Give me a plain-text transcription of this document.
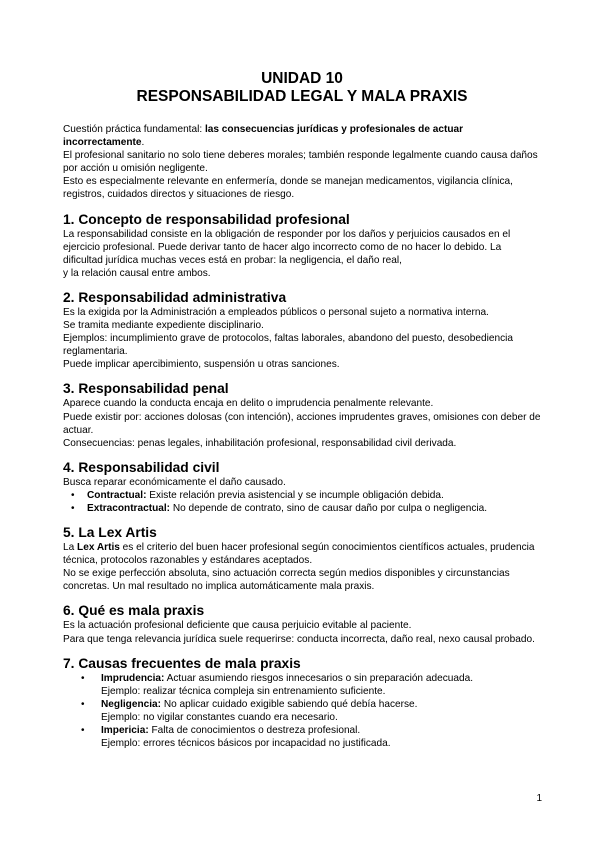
UNIDAD 10
RESPONSABILIDAD LEGAL Y MALA PRAXIS

Cuestión práctica fundamental: las consecuencias jurídicas y profesionales de actuar incorrectamente.

El profesional sanitario no solo tiene deberes morales; también responde legalmente cuando causa daños por acción u omisión negligente.

Esto es especialmente relevante en enfermería, donde se manejan medicamentos, vigilancia clínica, registros, cuidados directos y situaciones de riesgo.

1. Concepto de responsabilidad profesional

La responsabilidad consiste en la obligación de responder por los daños y perjuicios causados en el ejercicio profesional. Puede derivar tanto de hacer algo incorrecto como de no hacer lo debido. La dificultad jurídica muchas veces está en probar: la negligencia, el daño real,

y la relación causal entre ambos.

2. Responsabilidad administrativa

Es la exigida por la Administración a empleados públicos o personal sujeto a normativa interna.

Se tramita mediante expediente disciplinario.

Ejemplos: incumplimiento grave de protocolos, faltas laborales, abandono del puesto, desobediencia reglamentaria.

Puede implicar apercibimiento, suspensión u otras sanciones.

3. Responsabilidad penal

Aparece cuando la conducta encaja en delito o imprudencia penalmente relevante.

Puede existir por: acciones dolosas (con intención), acciones imprudentes graves, omisiones con deber de actuar.

Consecuencias: penas legales, inhabilitación profesional, responsabilidad civil derivada.

4. Responsabilidad civil

Busca reparar económicamente el daño causado.

• Contractual: Existe relación previa asistencial y se incumple obligación debida.
• Extracontractual: No depende de contrato, sino de causar daño por culpa o negligencia.
5. La Lex Artis

La Lex Artis es el criterio del buen hacer profesional según conocimientos científicos actuales, prudencia técnica, protocolos razonables y estándares aceptados.

No se exige perfección absoluta, sino actuación correcta según medios disponibles y circunstancias concretas. Un mal resultado no implica automáticamente mala praxis.

6. Qué es mala praxis

Es la actuación profesional deficiente que causa perjuicio evitable al paciente.

Para que tenga relevancia jurídica suele requerirse: conducta incorrecta, daño real, nexo causal probado.

7. Causas frecuentes de mala praxis
• Imprudencia: Actuar asumiendo riesgos innecesarios o sin preparación adecuada.
Ejemplo: realizar técnica compleja sin entrenamiento suficiente.
• Negligencia: No aplicar cuidado exigible sabiendo qué debía hacerse.
Ejemplo: no vigilar constantes cuando era necesario.
• Impericia: Falta de conocimientos o destreza profesional.
Ejemplo: errores técnicos básicos por incapacidad no justificada.
1
